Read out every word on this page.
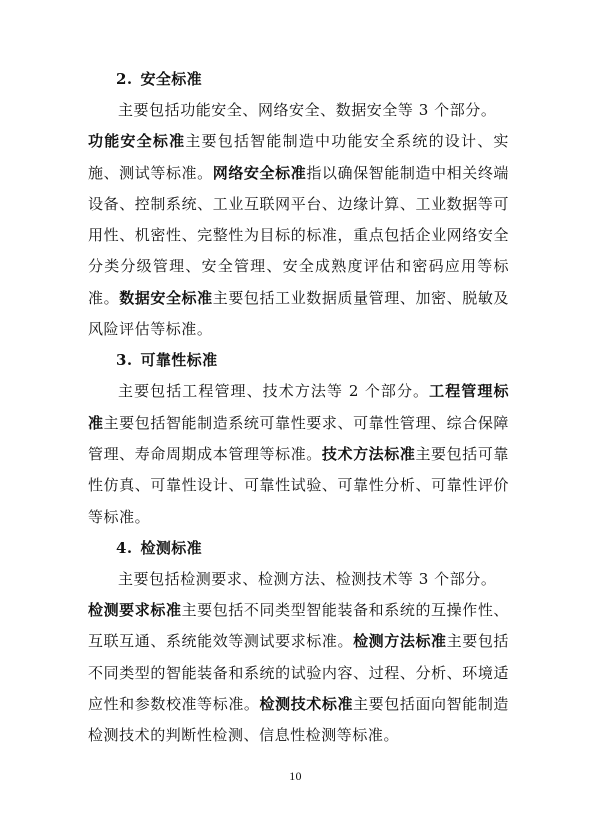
2. 安全标准

主要包括功能安全、网络安全、数据安全等 3 个部分。

功能安全标准主要包括智能制造中功能安全系统的设计、实施、测试等标准。网络安全标准指以确保智能制造中相关终端设备、控制系统、工业互联网平台、边缘计算、工业数据等可用性、机密性、完整性为目标的标准，重点包括企业网络安全分类分级管理、安全管理、安全成熟度评估和密码应用等标准。数据安全标准主要包括工业数据质量管理、加密、脱敏及风险评估等标准。

3. 可靠性标准

主要包括工程管理、技术方法等 2 个部分。工程管理标准主要包括智能制造系统可靠性要求、可靠性管理、综合保障管理、寿命周期成本管理等标准。技术方法标准主要包括可靠性仿真、可靠性设计、可靠性试验、可靠性分析、可靠性评价等标准。

4. 检测标准

主要包括检测要求、检测方法、检测技术等 3 个部分。

检测要求标准主要包括不同类型智能装备和系统的互操作性、互联互通、系统能效等测试要求标准。检测方法标准主要包括不同类型的智能装备和系统的试验内容、过程、分析、环境适应性和参数校准等标准。检测技术标准主要包括面向智能制造检测技术的判断性检测、信息性检测等标准。

10
